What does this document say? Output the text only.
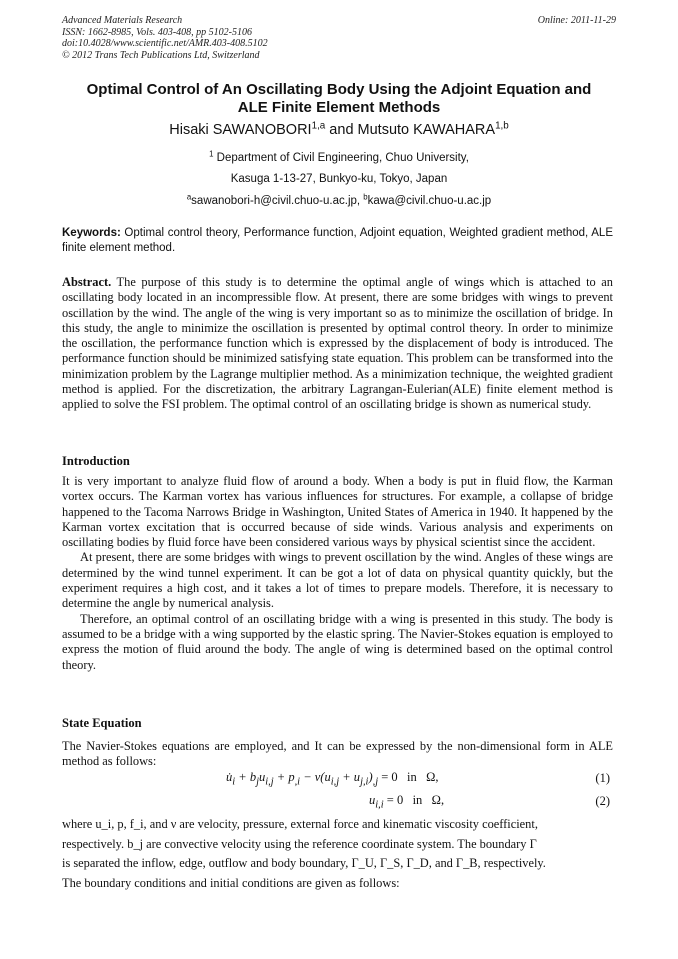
Advanced Materials Research
ISSN: 1662-8985, Vols. 403-408, pp 5102-5106
doi:10.4028/www.scientific.net/AMR.403-408.5102
© 2012 Trans Tech Publications Ltd, Switzerland
Online: 2011-11-29
Optimal Control of An Oscillating Body Using the Adjoint Equation and
ALE Finite Element Methods
Hisaki SAWANOBORI$^{1,a}$ and Mutsuto KAWAHARA$^{1,b}$
$^1$ Department of Civil Engineering, Chuo University,
Kasuga 1-13-27, Bunkyo-ku, Tokyo, Japan
$^a$sawanobori-h@civil.chuo-u.ac.jp, $^b$kawa@civil.chuo-u.ac.jp
Keywords: Optimal control theory, Performance function, Adjoint equation, Weighted gradient method, ALE finite element method.
Abstract. The purpose of this study is to determine the optimal angle of wings which is attached to an oscillating body located in an incompressible flow. At present, there are some bridges with wings to prevent oscillation by the wind. The angle of the wing is very important so as to minimize the oscillation of bridge. In this study, the angle to minimize the oscillation is presented by optimal control theory. In order to minimize the oscillation, the performance function which is expressed by the displacement of body is introduced. The performance function should be minimized satisfying state equation. This problem can be transformed into the minimization problem by the Lagrange multiplier method. As a minimization technique, the weighted gradient method is applied. For the discretization, the arbitrary Lagrangan-Eulerian(ALE) finite element method is applied to solve the FSI problem. The optimal control of an oscillating bridge is shown as numerical study.
Introduction
It is very important to analyze fluid flow of around a body. When a body is put in fluid flow, the Karman vortex occurs. The Karman vortex has various influences for structures. For example, a collapse of bridge happened to the Tacoma Narrows Bridge in Washington, United States of America in 1940. It happened by the Karman vortex excitation that is occurred because of side winds. Various analysis and experiments on oscillating bodies by fluid force have been considered various ways by physical scientist since the accident.
At present, there are some bridges with wings to prevent oscillation by the wind. Angles of these wings are determined by the wind tunnel experiment. It can be got a lot of data on physical quantity quickly, but the experiment requires a high cost, and it takes a lot of times to prepare models. Therefore, it is necessary to determine the angle by numerical analysis.
Therefore, an optimal control of an oscillating bridge with a wing is presented in this study. The body is assumed to be a bridge with a wing supported by the elastic spring. The Navier-Stokes equation is employed to express the motion of fluid around the body. The angle of wing is determined based on the optimal control theory.
State Equation
The Navier-Stokes equations are employed, and It can be expressed by the non-dimensional form in ALE method as follows:
$u̇_i + b_ju_{i,j} + p_{,i} - \nu(u_{i,j} + u_{j,i})_{,j} = 0$   in   Ω,	(1)
$u_{i,i} = 0$   in   Ω,	(2)
where u_i, p, f_i, and ν are velocity, pressure, external force and kinematic viscosity coefficient,
respectively. b_j are convective velocity using the reference coordinate system. The boundary Γ
is separated the inflow, edge, outflow and body boundary, Γ_U, Γ_S, Γ_D, and Γ_B, respectively.
The boundary conditions and initial conditions are given as follows:
